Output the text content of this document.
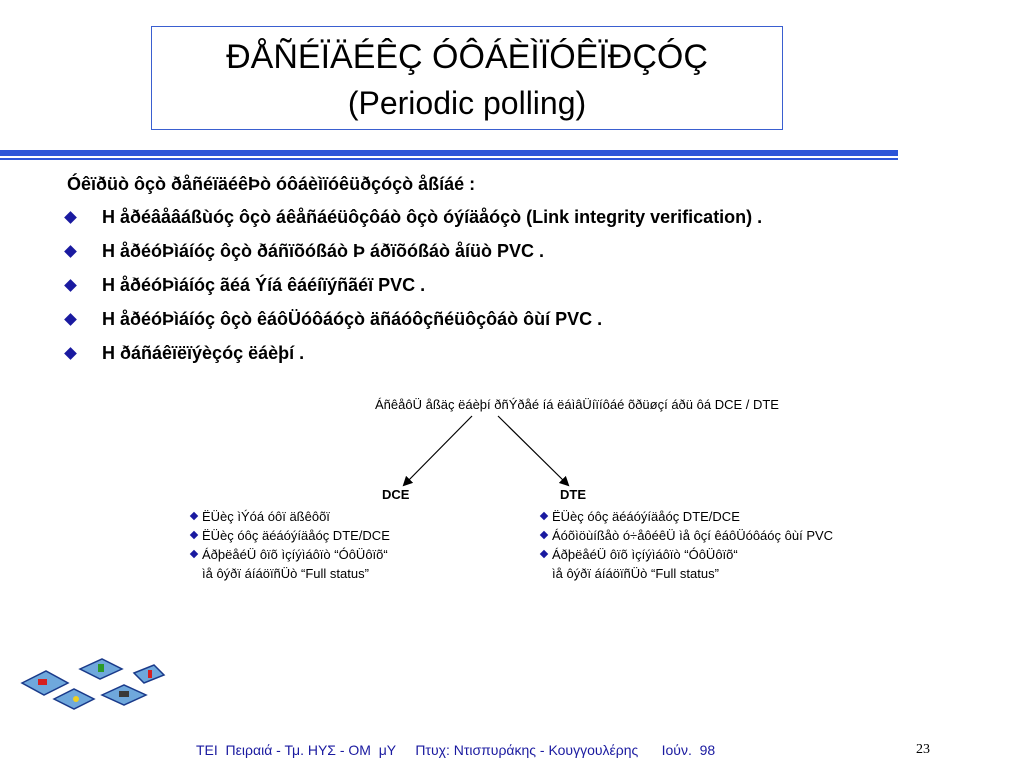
ÐÅÑÉÏÄÉÊÇ ÓÔÁÈÌÏÓÊÏÐÇÓÇ
(Periodic polling)
Óêïðüò ôçò ðåñéïäéêÞò óôáèìïóêüðçóçò åßíáé :
H åðéâåâáßùóç ôçò áêåñáéüôçôáò ôçò óýíäåóçò (Link integrity verification) .
H åðéóÞìáíóç ôçò ðáñïõóßáò Þ áðïõóßáò åíüò PVC .
H åðéóÞìáíóç ãéá Ýíá êáéíïýñãéï PVC .
H åðéóÞìáíóç ôçò êáôÜóôáóçò äñáóôçñéüôçôáò ôùí PVC .
H ðáñáêïëïýèçóç ëáèþí .
ÁñêåôÜ åßäç ëáèþí ðñÝðåé íá ëáìâÜíïíôáé õðüøçí áðü ôá DCE / DTE
DCE	DTE
ËÜèç ìÝóá óôï äßêôõï
ËÜèç óôç äéáóýíäåóç DTE/DCE
ÁðþëåéÜ ôïõ ìçíýìáôïò “ÓôÜôïõ“
ìå ôýðï áíáöïñÜò “Full status”
ËÜèç óôç äéáóýíäåóç DTE/DCE
Áóõìöùíßåò ó÷åôéêÜ ìå ôçí êáôÜóôáóç ôùí PVC
ÁðþëåéÜ ôïõ ìçíýìáôïò “ÓôÜôïõ“
ìå ôýðï áíáöïñÜò “Full status”
ΤΕΙ  Πειραιά - Τμ. ΗΥΣ - ΟΜ  μΥ     Πτυχ: Ντισπυράκης - Κουγγουλέρης      Ιούν.  98	23
